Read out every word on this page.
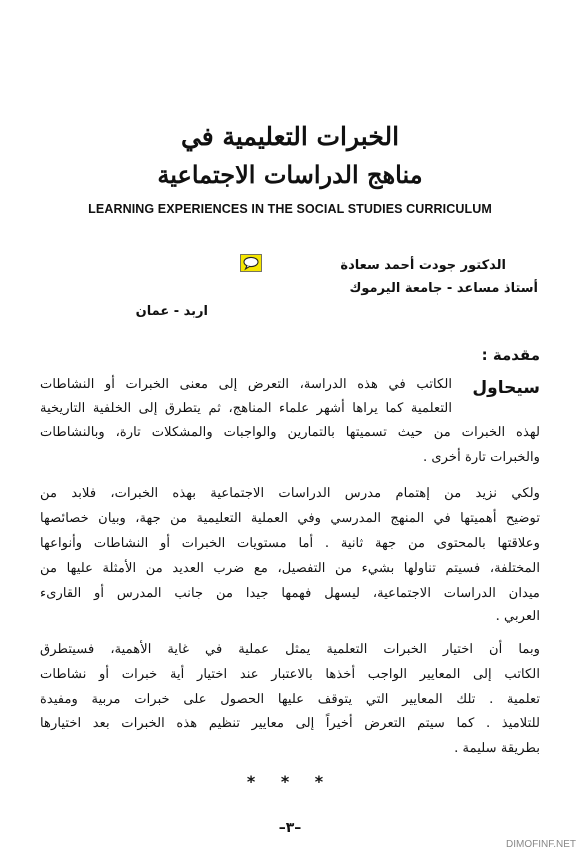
الخبرات التعليمية في
مناهج الدراسات الاجتماعية
LEARNING EXPERIENCES IN THE SOCIAL STUDIES CURRICULUM
الدكتور جودت أحمد سعادة
أستاذ مساعد - جامعة اليرموك
اربد - عمان
مقدمة :
سيحاول
الكاتب في هذه الدراسة، التعرض إلى معنى الخبرات أو النشاطات
التعلمية كما يراها أشهر علماء المناهج، ثم يتطرق إلى الخلفية التاريخية
لهذه الخبرات من حيث تسميتها بالتمارين والواجبات والمشكلات تارة، وبالنشاطات
والخبرات تارة أخرى .
ولكي نزيد من إهتمام مدرس الدراسات الاجتماعية بهذه الخبرات، فلابد من
توضيح أهميتها في المنهج المدرسي وفي العملية التعليمية من جهة، وبيان خصائصها
وعلاقتها بالمحتوى من جهة ثانية . أما مستويات الخبرات أو النشاطات وأنواعها
المختلفة، فسيتم تناولها بشيء من التفصيل، مع ضرب العديد من الأمثلة عليها من
ميدان الدراسات الاجتماعية، ليسهل فهمها جيدا من جانب المدرس أو القارىء
العربي .
وبما أن اختيار الخبرات التعلمية يمثل عملية في غاية الأهمية، فسيتطرق
الكاتب إلى المعايير الواجب أخذها بالاعتبار عند اختيار أية خبرات أو نشاطات
تعلمية . تلك المعايير التي يتوقف عليها الحصول على خبرات مربية ومفيدة
للتلاميذ . كما سيتم التعرض أخيراً إلى معايير تنظيم هذه الخبرات بعد اختيارها
بطريقة سليمة .
* * *
–٣–
DIMOFINF.NET
